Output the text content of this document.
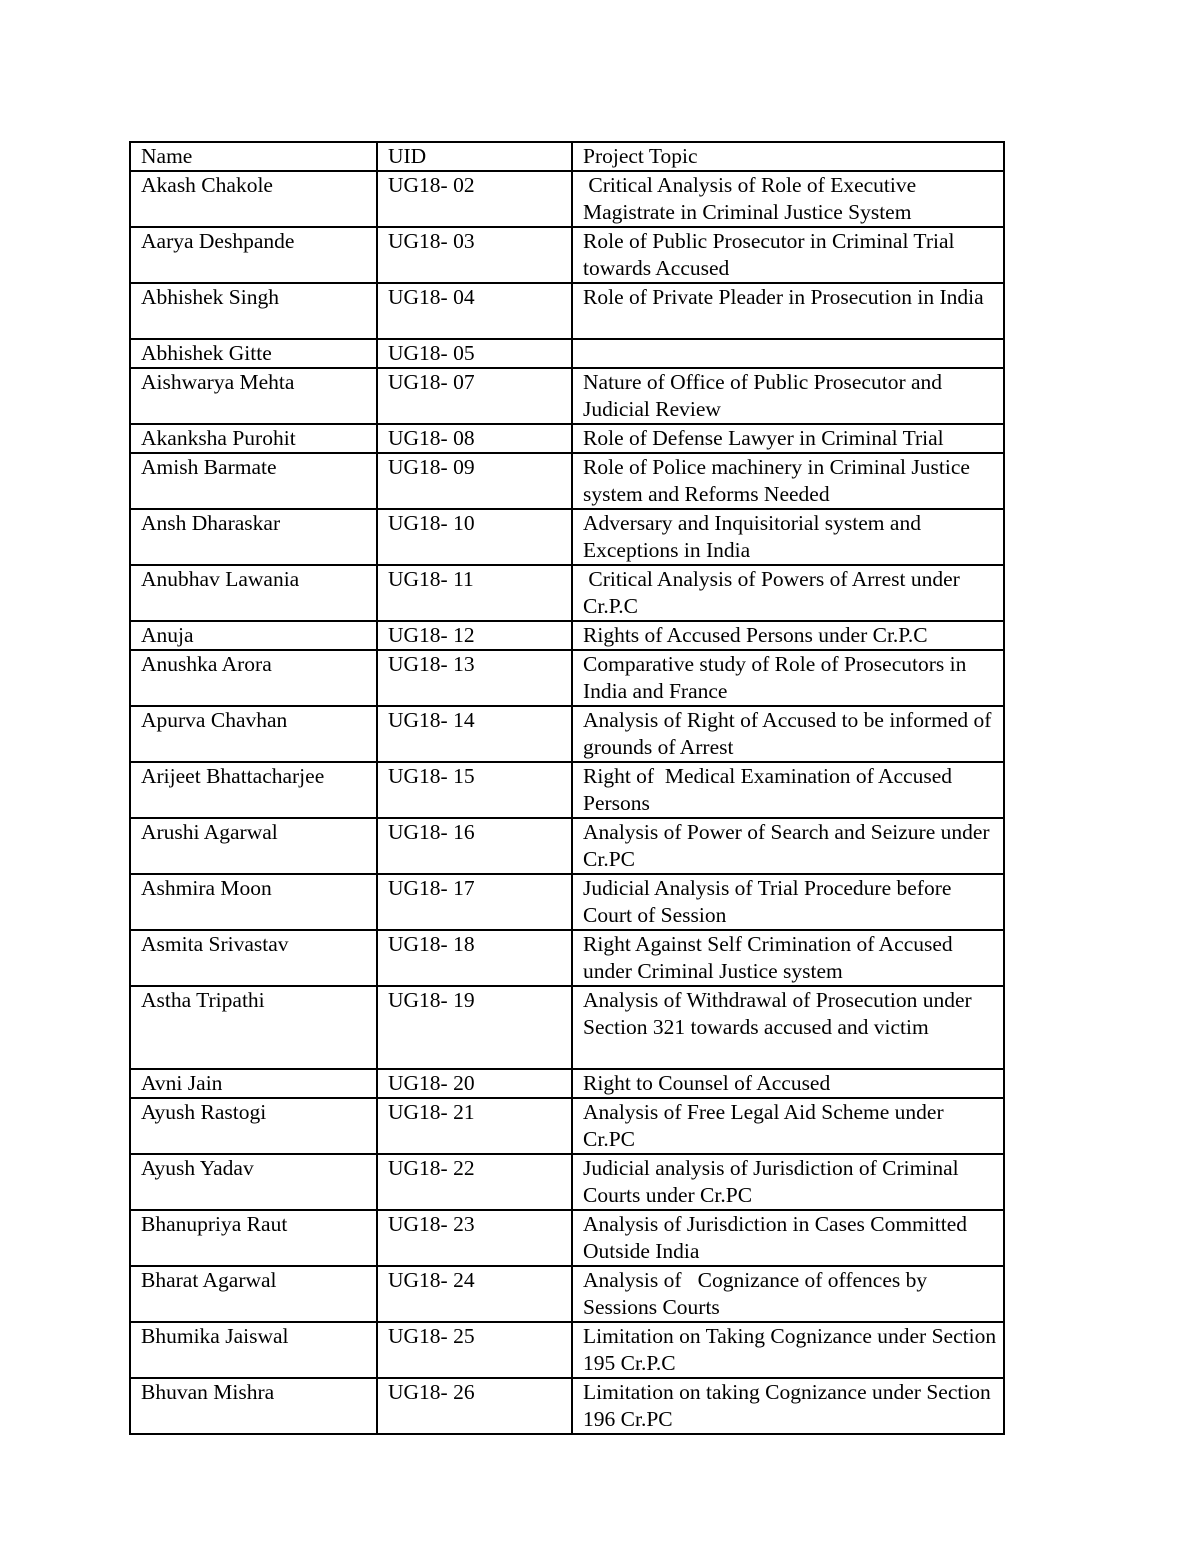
Name	UID	Project Topic
Akash Chakole	UG18- 02	Critical Analysis of Role of Executive Magistrate in Criminal Justice System
Aarya Deshpande	UG18- 03	Role of Public Prosecutor in Criminal Trial towards Accused
Abhishek Singh	UG18- 04	Role of Private Pleader in Prosecution in India
Abhishek Gitte	UG18- 05	
Aishwarya Mehta	UG18- 07	Nature of Office of Public Prosecutor and Judicial Review
Akanksha Purohit	UG18- 08	Role of Defense Lawyer in Criminal Trial
Amish Barmate	UG18- 09	Role of Police machinery in Criminal Justice system and Reforms Needed
Ansh Dharaskar	UG18- 10	Adversary and Inquisitorial system and Exceptions in India
Anubhav Lawania	UG18- 11	Critical Analysis of Powers of Arrest under Cr.P.C
Anuja	UG18- 12	Rights of Accused Persons under Cr.P.C
Anushka Arora	UG18- 13	Comparative study of Role of Prosecutors in India and France
Apurva Chavhan	UG18- 14	Analysis of Right of Accused to be informed of grounds of Arrest
Arijeet Bhattacharjee	UG18- 15	Right of  Medical Examination of Accused Persons
Arushi Agarwal	UG18- 16	Analysis of Power of Search and Seizure under Cr.PC
Ashmira Moon	UG18- 17	Judicial Analysis of Trial Procedure before Court of Session
Asmita Srivastav	UG18- 18	Right Against Self Crimination of Accused under Criminal Justice system
Astha Tripathi	UG18- 19	Analysis of Withdrawal of Prosecution under Section 321 towards accused and victim
Avni Jain	UG18- 20	Right to Counsel of Accused
Ayush Rastogi	UG18- 21	Analysis of Free Legal Aid Scheme under Cr.PC
Ayush Yadav	UG18- 22	Judicial analysis of Jurisdiction of Criminal Courts under Cr.PC
Bhanupriya Raut	UG18- 23	Analysis of Jurisdiction in Cases Committed Outside India
Bharat Agarwal	UG18- 24	Analysis of   Cognizance of offences by Sessions Courts
Bhumika Jaiswal	UG18- 25	Limitation on Taking Cognizance under Section 195 Cr.P.C
Bhuvan Mishra	UG18- 26	Limitation on taking Cognizance under Section 196 Cr.PC
